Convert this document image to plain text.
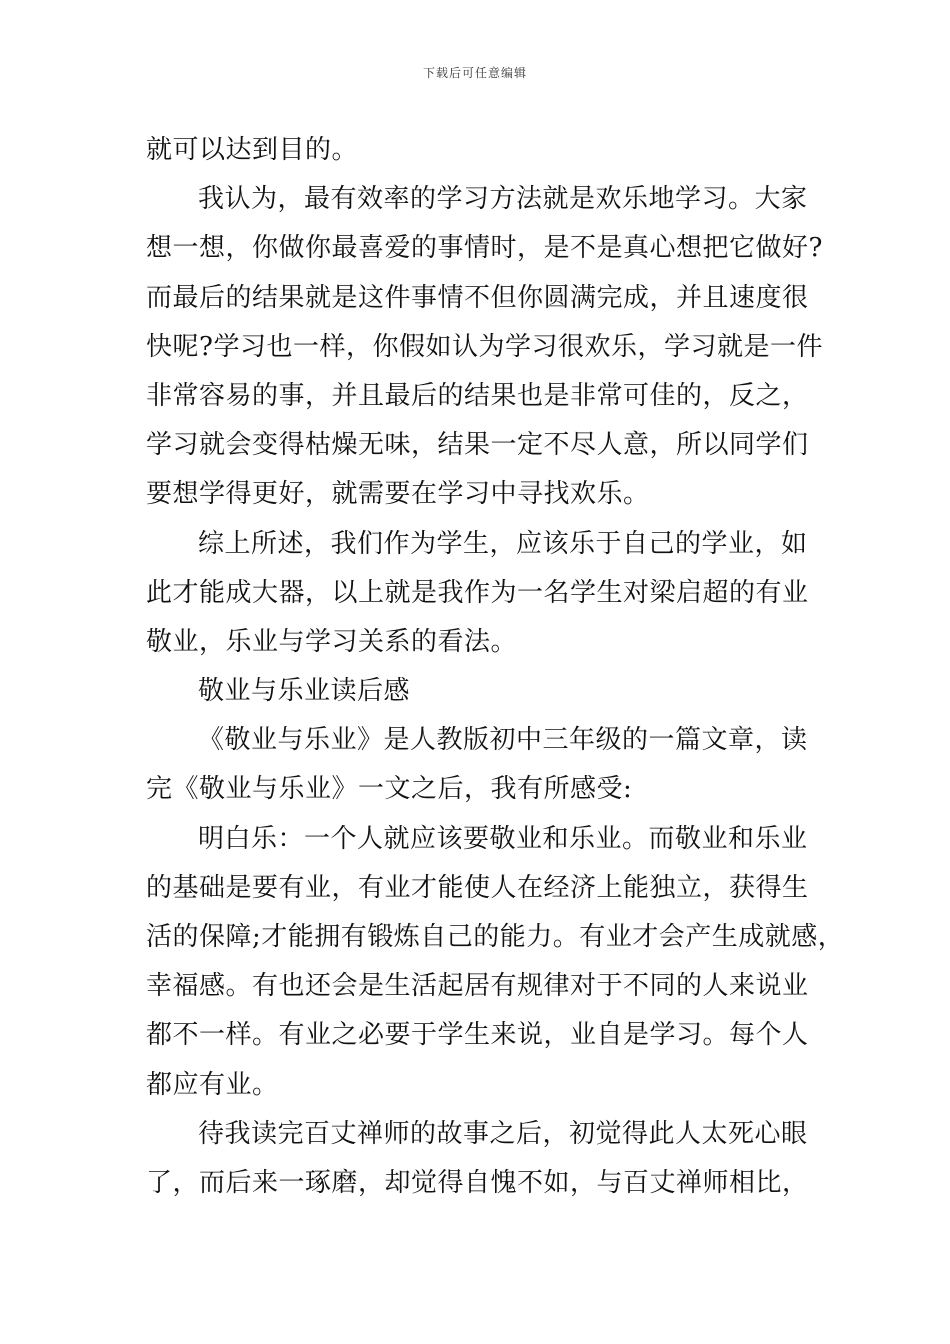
下载后可任意编辑
就可以达到目的。
我认为，最有效率的学习方法就是欢乐地学习。大家
想一想，你做你最喜爱的事情时，是不是真心想把它做好?
而最后的结果就是这件事情不但你圆满完成，并且速度很
快呢?学习也一样，你假如认为学习很欢乐，学习就是一件
非常容易的事，并且最后的结果也是非常可佳的，反之，
学习就会变得枯燥无味，结果一定不尽人意，所以同学们
要想学得更好，就需要在学习中寻找欢乐。
综上所述，我们作为学生，应该乐于自己的学业，如
此才能成大器，以上就是我作为一名学生对梁启超的有业
敬业，乐业与学习关系的看法。
敬业与乐业读后感
《敬业与乐业》是人教版初中三年级的一篇文章，读
完《敬业与乐业》一文之后，我有所感受:
明白乐：一个人就应该要敬业和乐业。而敬业和乐业
的基础是要有业，有业才能使人在经济上能独立，获得生
活的保障;才能拥有锻炼自己的能力。有业才会产生成就感，
幸福感。有也还会是生活起居有规律对于不同的人来说业
都不一样。有业之必要于学生来说，业自是学习。每个人
都应有业。
待我读完百丈禅师的故事之后，初觉得此人太死心眼
了，而后来一琢磨，却觉得自愧不如，与百丈禅师相比，
